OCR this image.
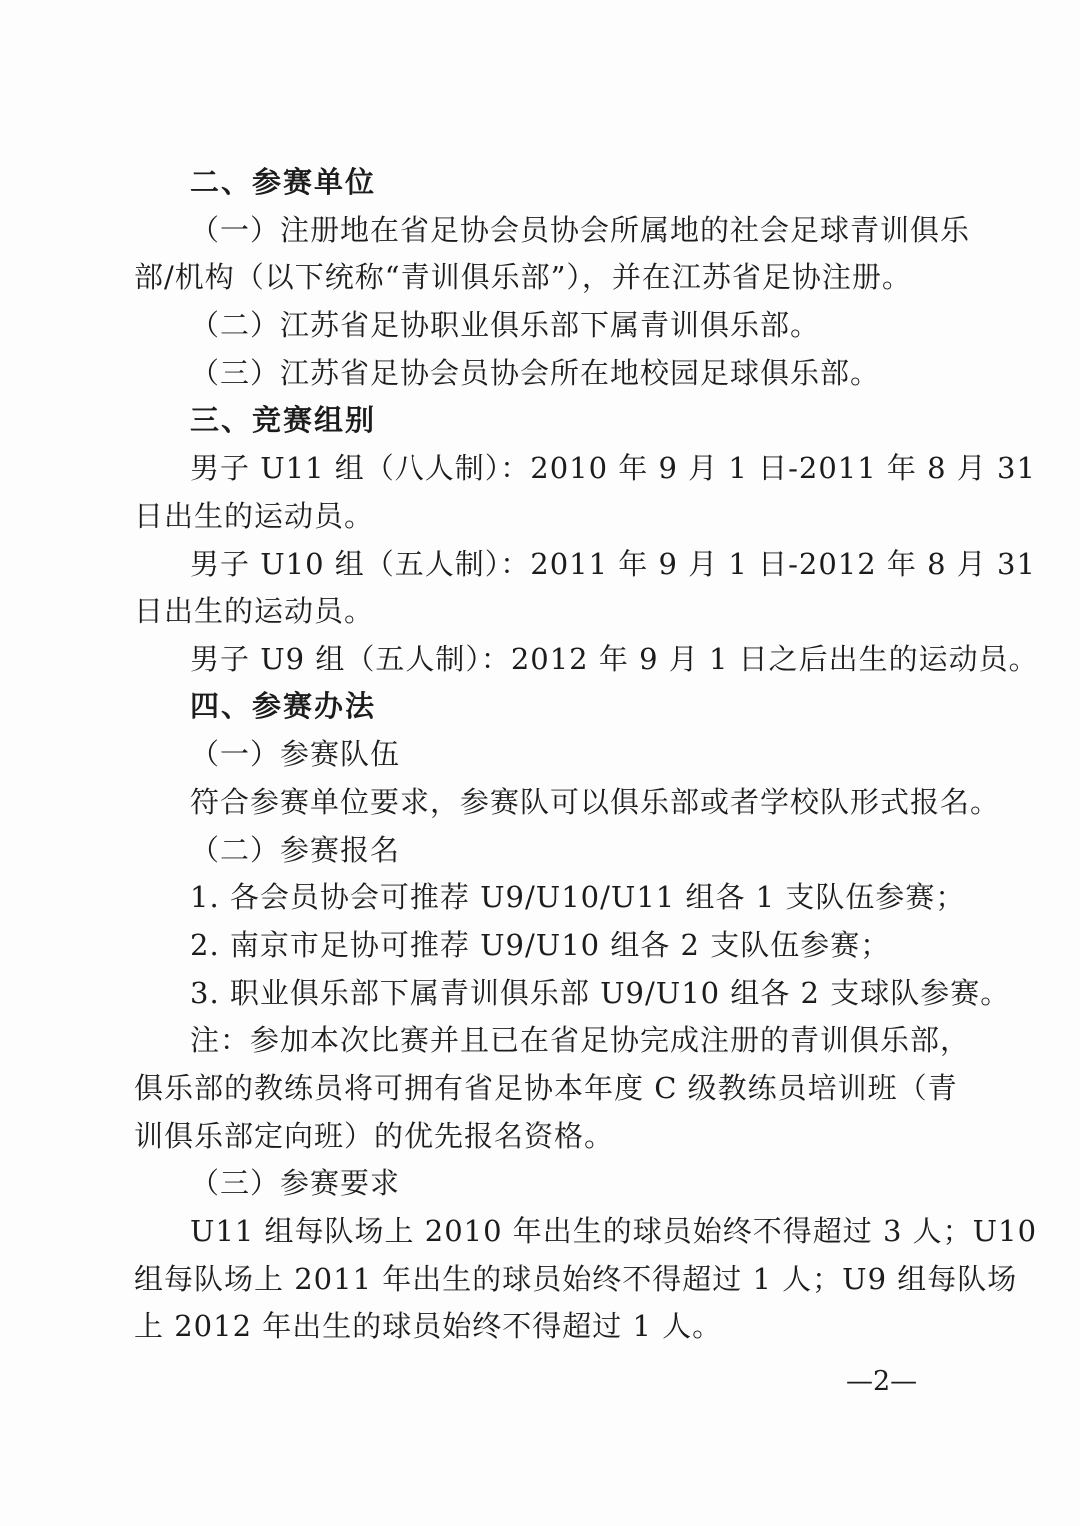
二、参赛单位

（一）注册地在省足协会员协会所属地的社会足球青训俱乐

部/机构（以下统称“青训俱乐部”），并在江苏省足协注册。

（二）江苏省足协职业俱乐部下属青训俱乐部。

（三）江苏省足协会员协会所在地校园足球俱乐部。

三、竞赛组别

男子 U11 组（八人制）：2010 年 9 月 1 日-2011 年 8 月 31

日出生的运动员。

男子 U10 组（五人制）：2011 年 9 月 1 日-2012 年 8 月 31

日出生的运动员。

男子 U9 组（五人制）：2012 年 9 月 1 日之后出生的运动员。

四、参赛办法

（一）参赛队伍

符合参赛单位要求，参赛队可以俱乐部或者学校队形式报名。

（二）参赛报名

1. 各会员协会可推荐 U9/U10/U11 组各 1 支队伍参赛；

2. 南京市足协可推荐 U9/U10 组各 2 支队伍参赛；

3. 职业俱乐部下属青训俱乐部 U9/U10 组各 2 支球队参赛。

注：参加本次比赛并且已在省足协完成注册的青训俱乐部，

俱乐部的教练员将可拥有省足协本年度 C 级教练员培训班（青

训俱乐部定向班）的优先报名资格。

（三）参赛要求

U11 组每队场上 2010 年出生的球员始终不得超过 3 人；U10

组每队场上 2011 年出生的球员始终不得超过 1 人；U9 组每队场

上 2012 年出生的球员始终不得超过 1 人。

—2—
